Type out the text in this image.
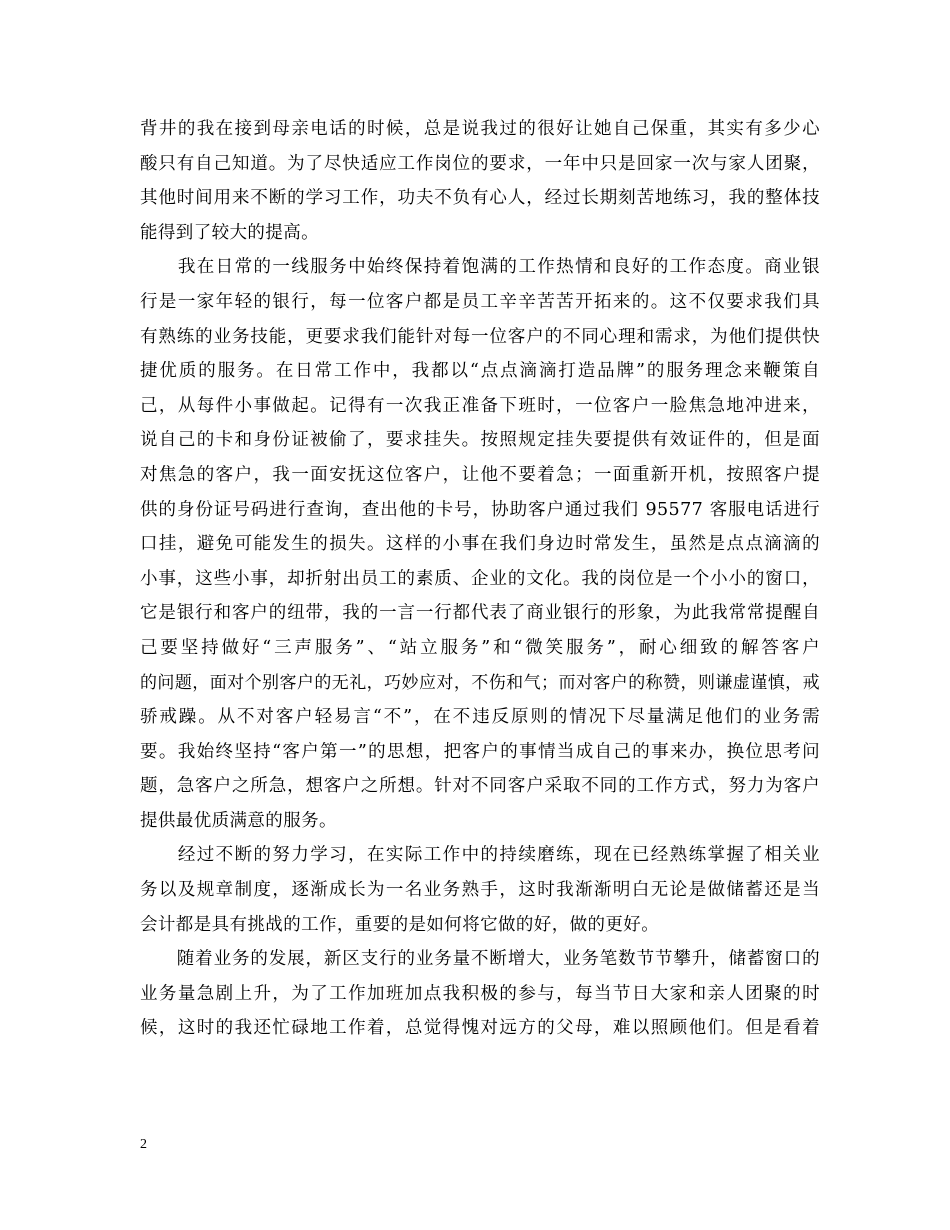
背井的我在接到母亲电话的时候，总是说我过的很好让她自己保重，其实有多少心
酸只有自己知道。为了尽快适应工作岗位的要求，一年中只是回家一次与家人团聚，
其他时间用来不断的学习工作，功夫不负有心人，经过长期刻苦地练习，我的整体技
能得到了较大的提高。
　　我在日常的一线服务中始终保持着饱满的工作热情和良好的工作态度。商业银
行是一家年轻的银行，每一位客户都是员工辛辛苦苦开拓来的。这不仅要求我们具
有熟练的业务技能，更要求我们能针对每一位客户的不同心理和需求，为他们提供快
捷优质的服务。在日常工作中，我都以“点点滴滴打造品牌”的服务理念来鞭策自
己，从每件小事做起。记得有一次我正准备下班时，一位客户一脸焦急地冲进来，
说自己的卡和身份证被偷了，要求挂失。按照规定挂失要提供有效证件的，但是面
对焦急的客户，我一面安抚这位客户，让他不要着急；一面重新开机，按照客户提
供的身份证号码进行查询，查出他的卡号，协助客户通过我们 95577 客服电话进行
口挂，避免可能发生的损失。这样的小事在我们身边时常发生，虽然是点点滴滴的
小事，这些小事，却折射出员工的素质、企业的文化。我的岗位是一个小小的窗口，
它是银行和客户的纽带，我的一言一行都代表了商业银行的形象，为此我常常提醒自
己要坚持做好“三声服务”、“站立服务”和“微笑服务”，耐心细致的解答客户
的问题，面对个别客户的无礼，巧妙应对，不伤和气；而对客户的称赞，则谦虚谨慎，戒
骄戒躁。从不对客户轻易言“不”，在不违反原则的情况下尽量满足他们的业务需
要。我始终坚持“客户第一”的思想，把客户的事情当成自己的事来办，换位思考问
题，急客户之所急，想客户之所想。针对不同客户采取不同的工作方式，努力为客户
提供最优质满意的服务。
　　经过不断的努力学习，在实际工作中的持续磨练，现在已经熟练掌握了相关业
务以及规章制度，逐渐成长为一名业务熟手，这时我渐渐明白无论是做储蓄还是当
会计都是具有挑战的工作，重要的是如何将它做的好，做的更好。
　　随着业务的发展，新区支行的业务量不断增大，业务笔数节节攀升，储蓄窗口的
业务量急剧上升，为了工作加班加点我积极的参与，每当节日大家和亲人团聚的时
候，这时的我还忙碌地工作着，总觉得愧对远方的父母，难以照顾他们。但是看着
2
